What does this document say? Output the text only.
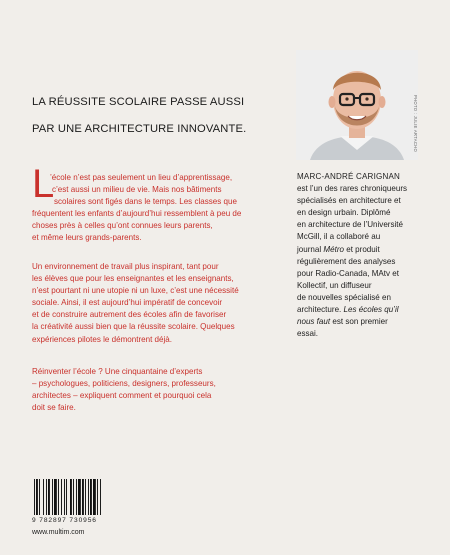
LA RÉUSSITE SCOLAIRE PASSE AUSSI
PAR UNE ARCHITECTURE INNOVANTE.	PHOTO : JULIE ARTACHO
L
’école n’est pas seulement un lieu d’apprentissage,
c’est aussi un milieu de vie. Mais nos bâtiments
scolaires sont figés dans le temps. Les classes que
fréquentent les enfants d’aujourd’hui ressemblent à peu de
choses près à celles qu’ont connues leurs parents,
et même leurs grands-parents.
Un environnement de travail plus inspirant, tant pour
les élèves que pour les enseignantes et les enseignants,
n’est pourtant ni une utopie ni un luxe, c’est une nécessité
sociale. Ainsi, il est aujourd’hui impératif de concevoir
et de construire autrement des écoles afin de favoriser
la créativité aussi bien que la réussite scolaire. Quelques
expériences pilotes le démontrent déjà.
Réinventer l’école ? Une cinquantaine d’experts
– psychologues, politiciens, designers, professeurs,
architectes – expliquent comment et pourquoi cela
doit se faire.
MARC-ANDRÉ CARIGNAN
est l’un des rares chroniqueurs
spécialisés en architecture et
en design urbain. Diplômé
en architecture de l’Université
McGill, il a collaboré au
journal Métro et produit
régulièrement des analyses
pour Radio-Canada, MAtv et
Kollectif, un diffuseur
de nouvelles spécialisé en
architecture. Les écoles qu’il
nous faut est son premier
essai.
9 782897 730956
www.multim.com
